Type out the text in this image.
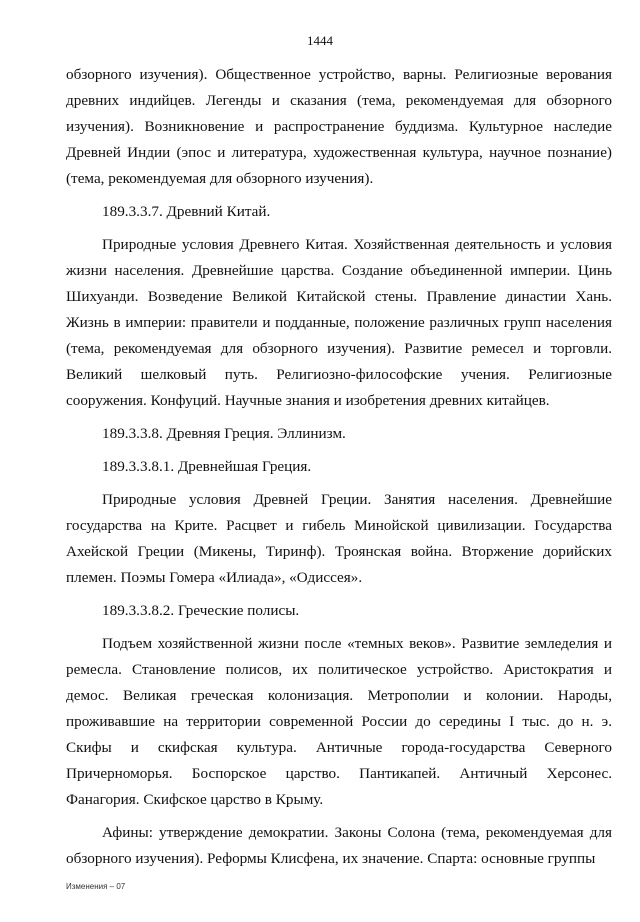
1444

обзорного изучения). Общественное устройство, варны. Религиозные верования древних индийцев. Легенды и сказания (тема, рекомендуемая для обзорного изучения). Возникновение и распространение буддизма. Культурное наследие Древней Индии (эпос и литература, художественная культура, научное познание) (тема, рекомендуемая для обзорного изучения).

189.3.3.7. Древний Китай.

Природные условия Древнего Китая. Хозяйственная деятельность и условия жизни населения. Древнейшие царства. Создание объединенной империи. Цинь Шихуанди. Возведение Великой Китайской стены. Правление династии Хань. Жизнь в империи: правители и подданные, положение различных групп населения (тема, рекомендуемая для обзорного изучения). Развитие ремесел и торговли. Великий шелковый путь. Религиозно-философские учения. Религиозные сооружения. Конфуций. Научные знания и изобретения древних китайцев.

189.3.3.8. Древняя Греция. Эллинизм.

189.3.3.8.1. Древнейшая Греция.

Природные условия Древней Греции. Занятия населения. Древнейшие государства на Крите. Расцвет и гибель Минойской цивилизации. Государства Ахейской Греции (Микены, Тиринф). Троянская война. Вторжение дорийских племен. Поэмы Гомера «Илиада», «Одиссея».

189.3.3.8.2. Греческие полисы.

Подъем хозяйственной жизни после «темных веков». Развитие земледелия и ремесла. Становление полисов, их политическое устройство. Аристократия и демос. Великая греческая колонизация. Метрополии и колонии. Народы, проживавшие на территории современной России до середины I тыс. до н. э. Скифы и скифская культура. Античные города-государства Северного Причерноморья. Боспорское царство. Пантикапей. Античный Херсонес. Фанагория. Скифское царство в Крыму.

Афины: утверждение демократии. Законы Солона (тема, рекомендуемая для обзорного изучения). Реформы Клисфена, их значение. Спарта: основные группы

Изменения – 07
